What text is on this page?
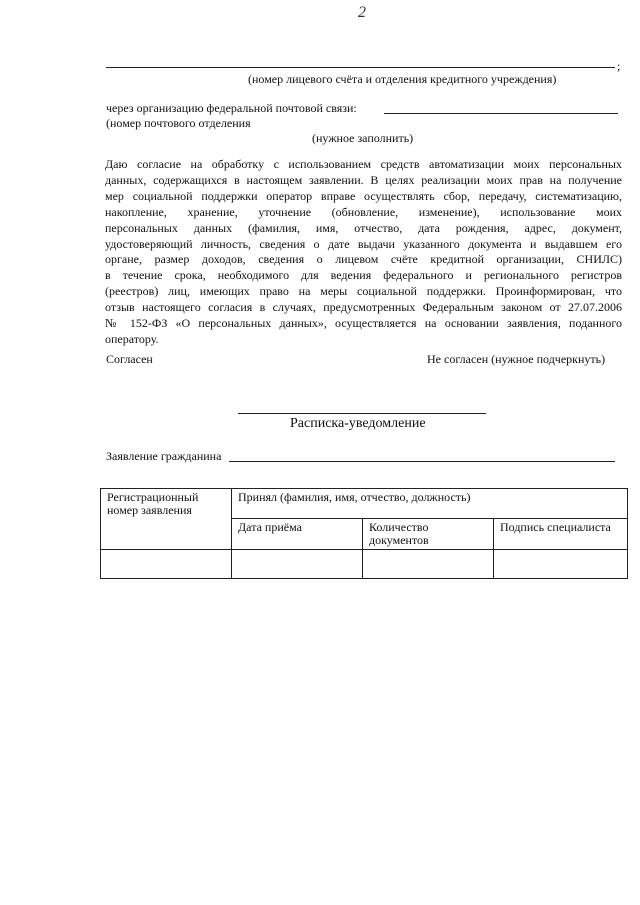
2
;
(номер лицевого счёта и отделения кредитного учреждения)
через организацию федеральной почтовой связи:
(номер почтового отделения
(нужное заполнить)
Даю согласие на обработку с использованием средств автоматизации моих персональных
данных, содержащихся в настоящем заявлении. В целях реализации моих прав на получение
мер социальной поддержки оператор вправе осуществлять сбор, передачу, систематизацию,
накопление, хранение, уточнение (обновление, изменение), использование моих
персональных данных (фамилия, имя, отчество, дата рождения, адрес, документ,
удостоверяющий личность, сведения о дате выдачи указанного документа и выдавшем его
органе, размер доходов, сведения о лицевом счёте кредитной организации, СНИЛС)
в течение срока, необходимого для ведения федерального и регионального регистров
(реестров) лиц, имеющих право на меры социальной поддержки. Проинформирован, что
отзыв настоящего согласия в случаях, предусмотренных Федеральным законом от 27.07.2006
№ 152-ФЗ «О персональных данных», осуществляется на основании заявления, поданного
оператору.
Согласен	Не согласен (нужное подчеркнуть)
Расписка-уведомление
Заявление гражданина
Регистрационный номер заявления	Принял (фамилия, имя, отчество, должность)		
	Дата приёма	Количество документов	Подпись специалиста
